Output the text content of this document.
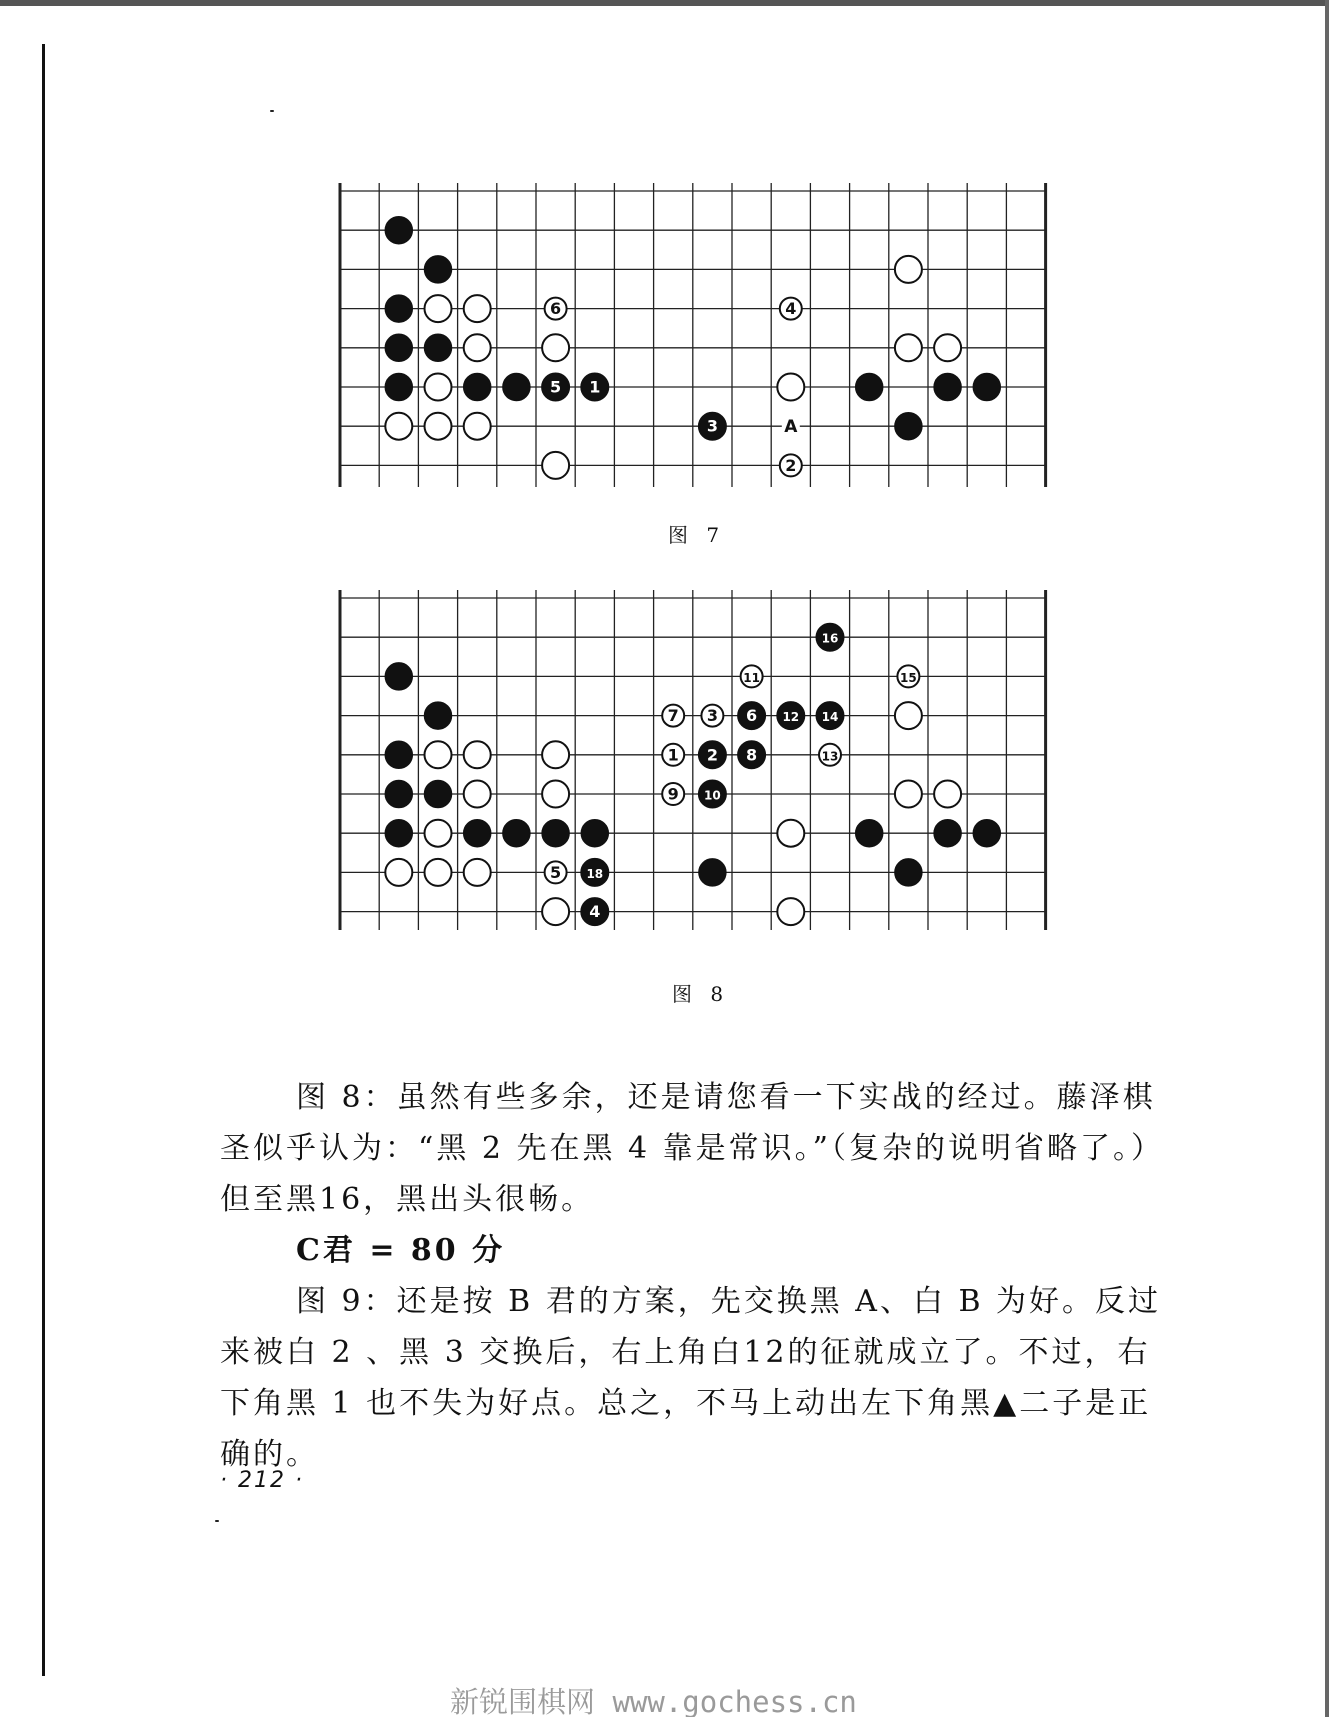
1
2
3
4
5
6
A
图 7
1 2
3
4
5
6
7
8
9 10
11
12
13
14
15
16
18
图 8

图 8：虽然有些多余，还是请您看一下实战的经过。藤泽棋圣似乎认为：“黑 2 先在黑 4 靠是常识。”（复杂的说明省略了。）但至黑16，黑出头很畅。

C君 = 80 分

图 9：还是按 B 君的方案，先交换黑 A、白 B 为好。反过来被白 2 、黑 3 交换后，右上角白12的征就成立了。不过，右下角黑 1 也不失为好点。总之，不马上动出左下角黑▲二子是正确的。

· 212 ·
新锐围棋网 www.gochess.cn
